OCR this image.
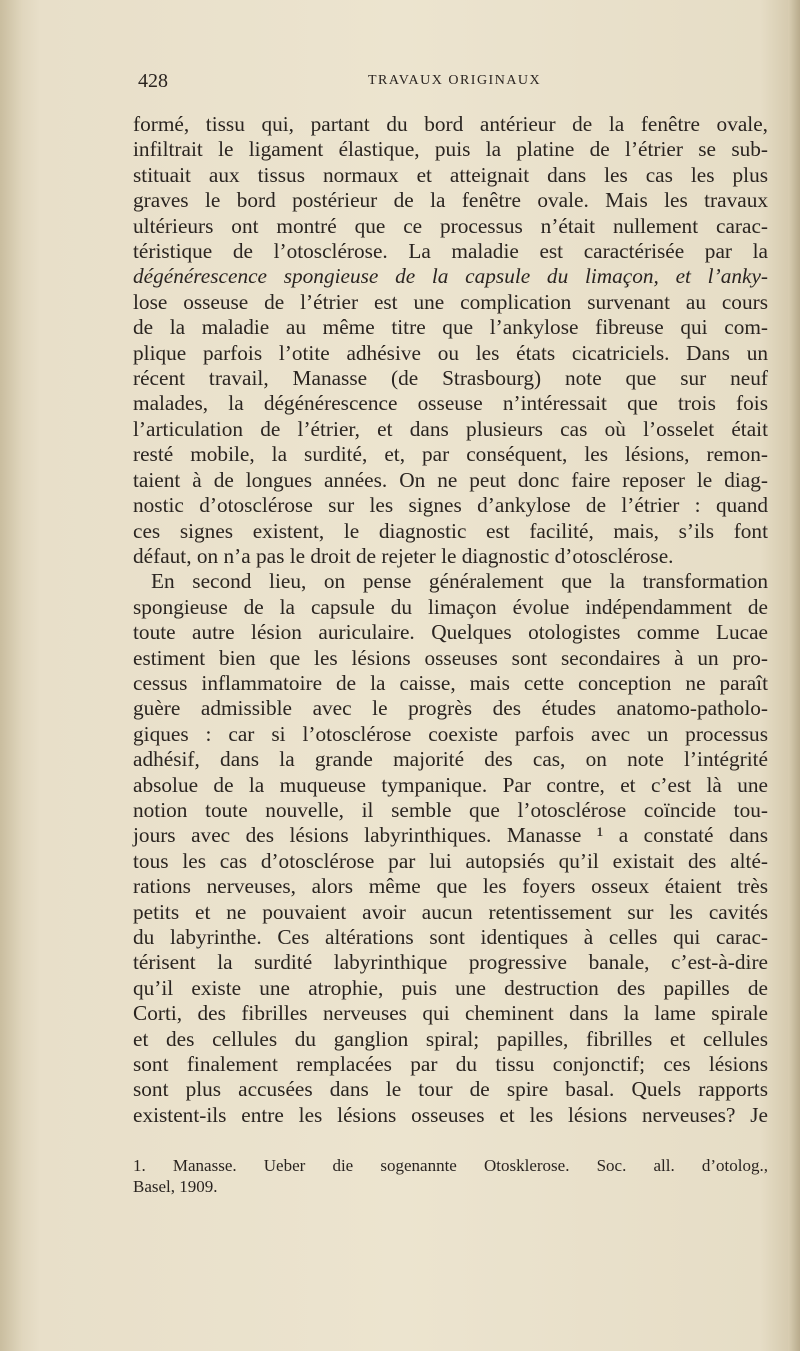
428	TRAVAUX ORIGINAUX
formé, tissu qui, partant du bord antérieur de la fenêtre ovale,
infiltrait le ligament élastique, puis la platine de l’étrier se sub-
stituait aux tissus normaux et atteignait dans les cas les plus
graves le bord postérieur de la fenêtre ovale. Mais les travaux
ultérieurs ont montré que ce processus n’était nullement carac-
téristique de l’otosclérose. La maladie est caractérisée par la
dégénérescence spongieuse de la capsule du limaçon, et l’anky-
lose osseuse de l’étrier est une complication survenant au cours
de la maladie au même titre que l’ankylose fibreuse qui com-
plique parfois l’otite adhésive ou les états cicatriciels. Dans un
récent travail, Manasse (de Strasbourg) note que sur neuf
malades, la dégénérescence osseuse n’intéressait que trois fois
l’articulation de l’étrier, et dans plusieurs cas où l’osselet était
resté mobile, la surdité, et, par conséquent, les lésions, remon-
taient à de longues années. On ne peut donc faire reposer le diag-
nostic d’otosclérose sur les signes d’ankylose de l’étrier : quand
ces signes existent, le diagnostic est facilité, mais, s’ils font
défaut, on n’a pas le droit de rejeter le diagnostic d’otosclérose.
En second lieu, on pense généralement que la transformation
spongieuse de la capsule du limaçon évolue indépendamment de
toute autre lésion auriculaire. Quelques otologistes comme Lucae
estiment bien que les lésions osseuses sont secondaires à un pro-
cessus inflammatoire de la caisse, mais cette conception ne paraît
guère admissible avec le progrès des études anatomo-patholo-
giques : car si l’otosclérose coexiste parfois avec un processus
adhésif, dans la grande majorité des cas, on note l’intégrité
absolue de la muqueuse tympanique. Par contre, et c’est là une
notion toute nouvelle, il semble que l’otosclérose coïncide tou-
jours avec des lésions labyrinthiques. Manasse ¹ a constaté dans
tous les cas d’otosclérose par lui autopsiés qu’il existait des alté-
rations nerveuses, alors même que les foyers osseux étaient très
petits et ne pouvaient avoir aucun retentissement sur les cavités
du labyrinthe. Ces altérations sont identiques à celles qui carac-
térisent la surdité labyrinthique progressive banale, c’est-à-dire
qu’il existe une atrophie, puis une destruction des papilles de
Corti, des fibrilles nerveuses qui cheminent dans la lame spirale
et des cellules du ganglion spiral; papilles, fibrilles et cellules
sont finalement remplacées par du tissu conjonctif; ces lésions
sont plus accusées dans le tour de spire basal. Quels rapports
existent-ils entre les lésions osseuses et les lésions nerveuses? Je
1. Manasse. Ueber die sogenannte Otosklerose. Soc. all. d’otolog.,
Basel, 1909.
